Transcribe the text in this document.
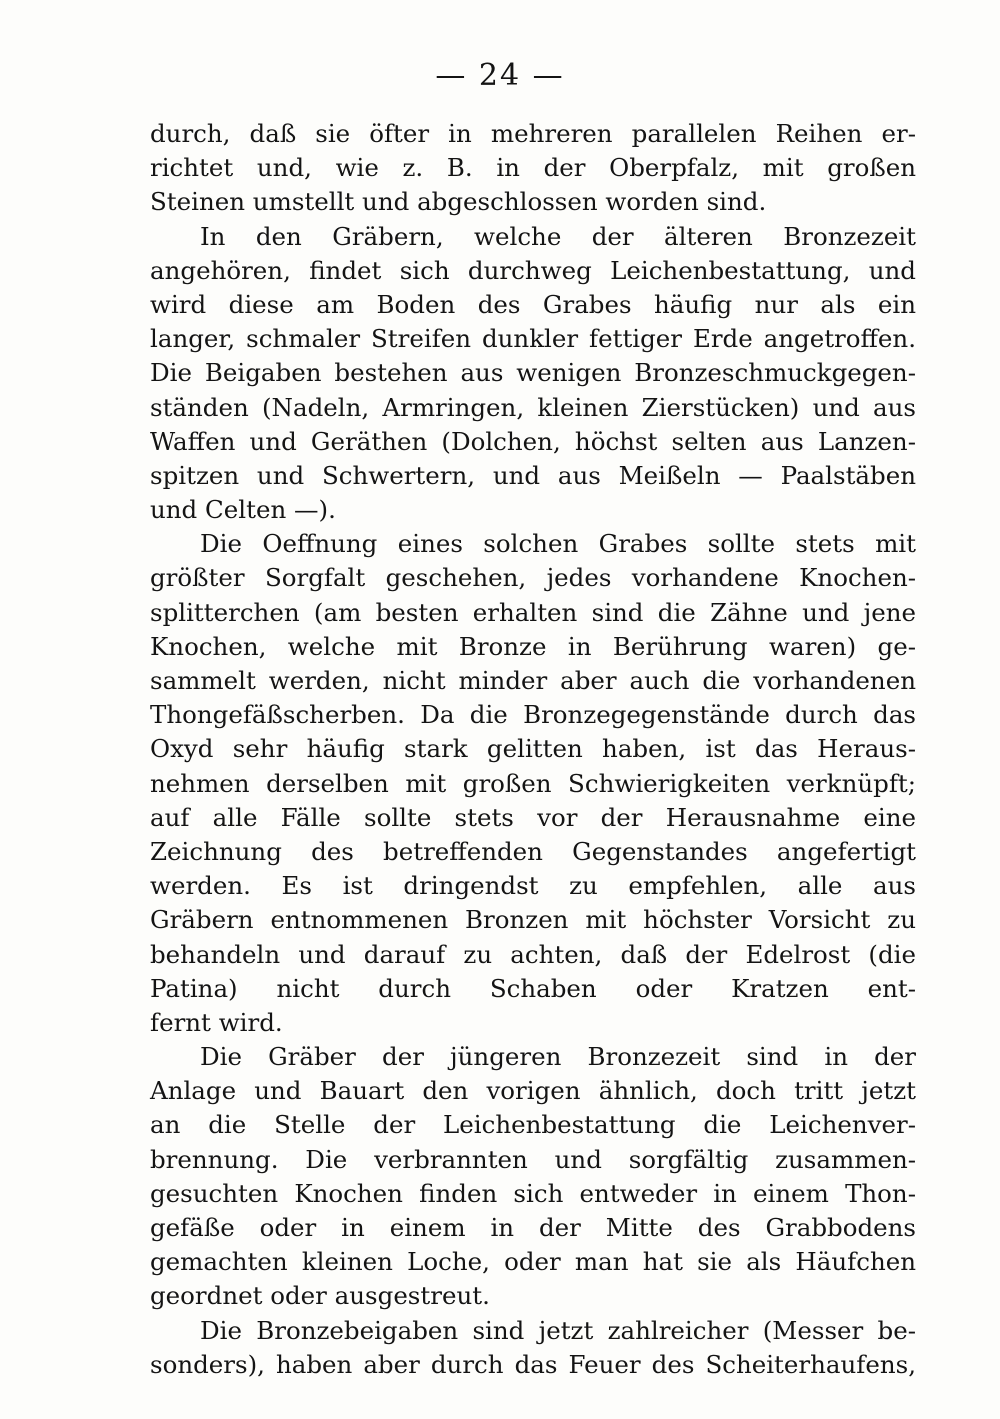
— 24 —
durch, daß sie öfter in mehreren parallelen Reihen er-
richtet und, wie z. B. in der Oberpfalz, mit großen
Steinen umstellt und abgeschlossen worden sind.
In den Gräbern, welche der älteren Bronzezeit
angehören, findet sich durchweg Leichenbestattung, und
wird diese am Boden des Grabes häufig nur als ein
langer, schmaler Streifen dunkler fettiger Erde angetroffen.
Die Beigaben bestehen aus wenigen Bronzeschmuckgegen-
ständen (Nadeln, Armringen, kleinen Zierstücken) und aus
Waffen und Geräthen (Dolchen, höchst selten aus Lanzen-
spitzen und Schwertern, und aus Meißeln — Paalstäben
und Celten —).
Die Oeffnung eines solchen Grabes sollte stets mit
größter Sorgfalt geschehen, jedes vorhandene Knochen-
splitterchen (am besten erhalten sind die Zähne und jene
Knochen, welche mit Bronze in Berührung waren) ge-
sammelt werden, nicht minder aber auch die vorhandenen
Thongefäßscherben. Da die Bronzegegenstände durch das
Oxyd sehr häufig stark gelitten haben, ist das Heraus-
nehmen derselben mit großen Schwierigkeiten verknüpft;
auf alle Fälle sollte stets vor der Herausnahme eine
Zeichnung des betreffenden Gegenstandes angefertigt
werden. Es ist dringendst zu empfehlen, alle aus
Gräbern entnommenen Bronzen mit höchster Vorsicht zu
behandeln und darauf zu achten, daß der Edelrost (die
Patina) nicht durch Schaben oder Kratzen ent-
fernt wird.
Die Gräber der jüngeren Bronzezeit sind in der
Anlage und Bauart den vorigen ähnlich, doch tritt jetzt
an die Stelle der Leichenbestattung die Leichenver-
brennung. Die verbrannten und sorgfältig zusammen-
gesuchten Knochen finden sich entweder in einem Thon-
gefäße oder in einem in der Mitte des Grabbodens
gemachten kleinen Loche, oder man hat sie als Häufchen
geordnet oder ausgestreut.
Die Bronzebeigaben sind jetzt zahlreicher (Messer be-
sonders), haben aber durch das Feuer des Scheiterhaufens,
